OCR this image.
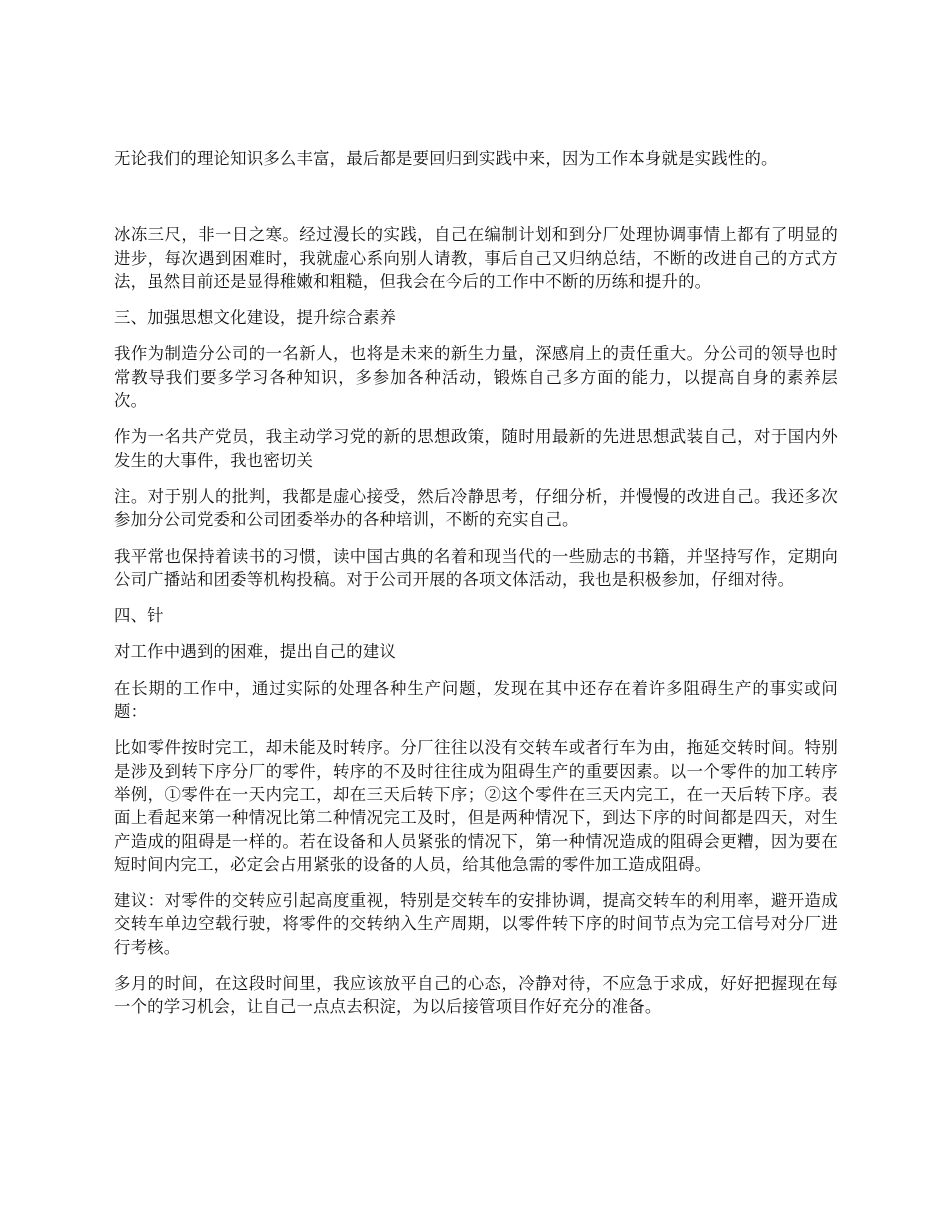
无论我们的理论知识多么丰富，最后都是要回归到实践中来，因为工作本身就是实践性的。

冰冻三尺，非一日之寒。经过漫长的实践，自己在编制计划和到分厂处理协调事情上都有了明显的进步，每次遇到困难时，我就虚心系向别人请教，事后自己又归纳总结，不断的改进自己的方式方法，虽然目前还是显得稚嫩和粗糙，但我会在今后的工作中不断的历练和提升的。

三、加强思想文化建设，提升综合素养

我作为制造分公司的一名新人，也将是未来的新生力量，深感肩上的责任重大。分公司的领导也时常教导我们要多学习各种知识，多参加各种活动，锻炼自己多方面的能力，以提高自身的素养层次。

作为一名共产党员，我主动学习党的新的思想政策，随时用最新的先进思想武装自己，对于国内外发生的大事件，我也密切关

注。对于别人的批判，我都是虚心接受，然后冷静思考，仔细分析，并慢慢的改进自己。我还多次参加分公司党委和公司团委举办的各种培训，不断的充实自己。

我平常也保持着读书的习惯，读中国古典的名着和现当代的一些励志的书籍，并坚持写作，定期向公司广播站和团委等机构投稿。对于公司开展的各项文体活动，我也是积极参加，仔细对待。

四、针

对工作中遇到的困难，提出自己的建议

在长期的工作中，通过实际的处理各种生产问题，发现在其中还存在着许多阻碍生产的事实或问题：

比如零件按时完工，却未能及时转序。分厂往往以没有交转车或者行车为由，拖延交转时间。特别是涉及到转下序分厂的零件，转序的不及时往往成为阻碍生产的重要因素。以一个零件的加工转序举例，①零件在一天内完工，却在三天后转下序；②这个零件在三天内完工，在一天后转下序。表面上看起来第一种情况比第二种情况完工及时，但是两种情况下，到达下序的时间都是四天，对生产造成的阻碍是一样的。若在设备和人员紧张的情况下，第一种情况造成的阻碍会更糟，因为要在短时间内完工，必定会占用紧张的设备的人员，给其他急需的零件加工造成阻碍。

建议：对零件的交转应引起高度重视，特别是交转车的安排协调，提高交转车的利用率，避开造成交转车单边空载行驶，将零件的交转纳入生产周期，以零件转下序的时间节点为完工信号对分厂进行考核。

多月的时间，在这段时间里，我应该放平自己的心态，冷静对待，不应急于求成，好好把握现在每一个的学习机会，让自己一点点去积淀，为以后接管项目作好充分的准备。
